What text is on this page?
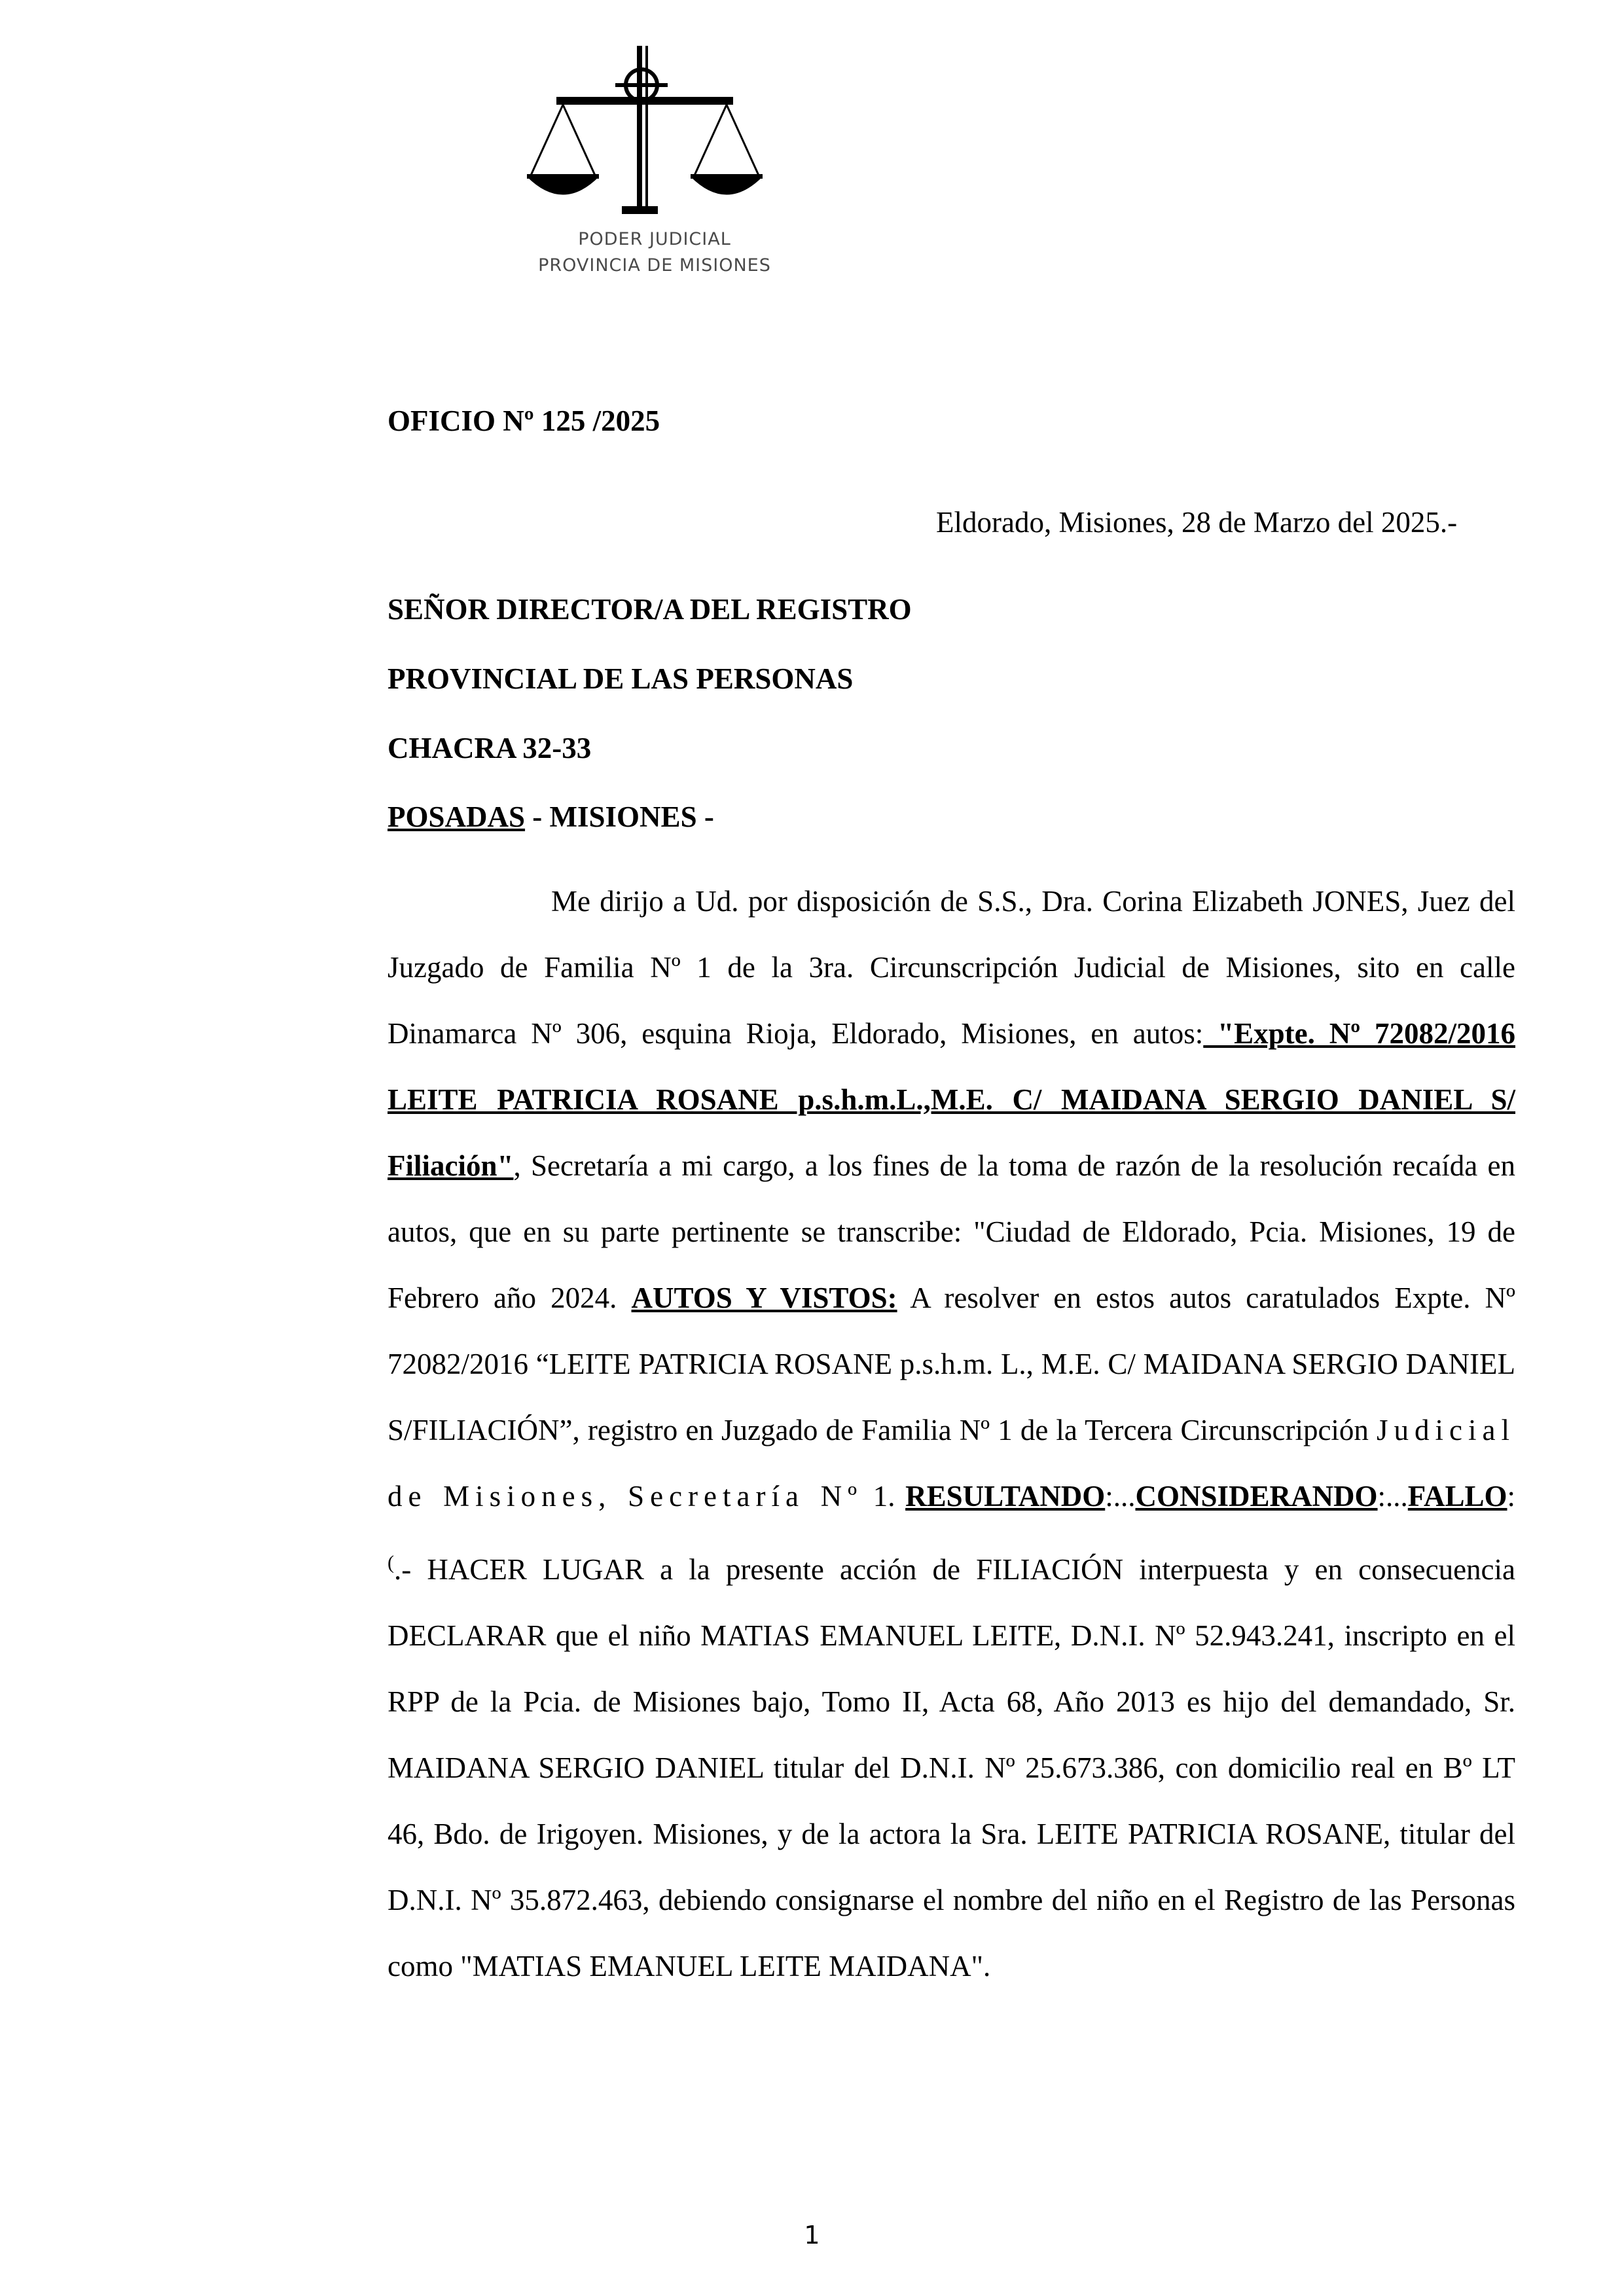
PODER JUDICIAL
PROVINCIA DE MISIONES
OFICIO Nº 125 /2025
Eldorado, Misiones, 28 de Marzo del 2025.-
SEÑOR DIRECTOR/A DEL REGISTRO
PROVINCIAL DE LAS PERSONAS
CHACRA 32-33
POSADAS - MISIONES -

Me dirijo a Ud. por disposición de S.S., Dra. Corina Elizabeth JONES, Juez del Juzgado de Familia Nº 1 de la 3ra. Circunscripción Judicial de Misiones, sito en calle Dinamarca Nº 306, esquina Rioja, Eldorado, Misiones, en autos: "Expte. Nº 72082/2016 LEITE PATRICIA ROSANE p.s.h.m.L.,M.E. C/ MAIDANA SERGIO DANIEL S/ Filiación", Secretaría a mi cargo, a los fines de la toma de razón de la resolución recaída en autos, que en su parte pertinente se transcribe: "Ciudad de Eldorado, Pcia. Misiones, 19 de Febrero año 2024. AUTOS Y VISTOS: A resolver en estos autos caratulados Expte. Nº 72082/2016 “LEITE PATRICIA ROSANE p.s.h.m. L., M.E. C/ MAIDANA SERGIO DANIEL S/FILIACIÓN”, registro en Juzgado de Familia Nº 1 de la Tercera Circunscripción Judicial de Misiones, Secretaría Nº 1. RESULTANDO:...CONSIDERANDO:...FALLO: (.- HACER LUGAR a la presente acción de FILIACIÓN interpuesta y en consecuencia DECLARAR que el niño MATIAS EMANUEL LEITE, D.N.I. Nº 52.943.241, inscripto en el RPP de la Pcia. de Misiones bajo, Tomo II, Acta 68, Año 2013 es hijo del demandado, Sr. MAIDANA SERGIO DANIEL titular del D.N.I. Nº 25.673.386, con domicilio real en Bº LT 46, Bdo. de Irigoyen. Misiones, y de la actora la Sra. LEITE PATRICIA ROSANE, titular del D.N.I. Nº 35.872.463, debiendo consignarse el nombre del niño en el Registro de las Personas como "MATIAS EMANUEL LEITE MAIDANA".

1
